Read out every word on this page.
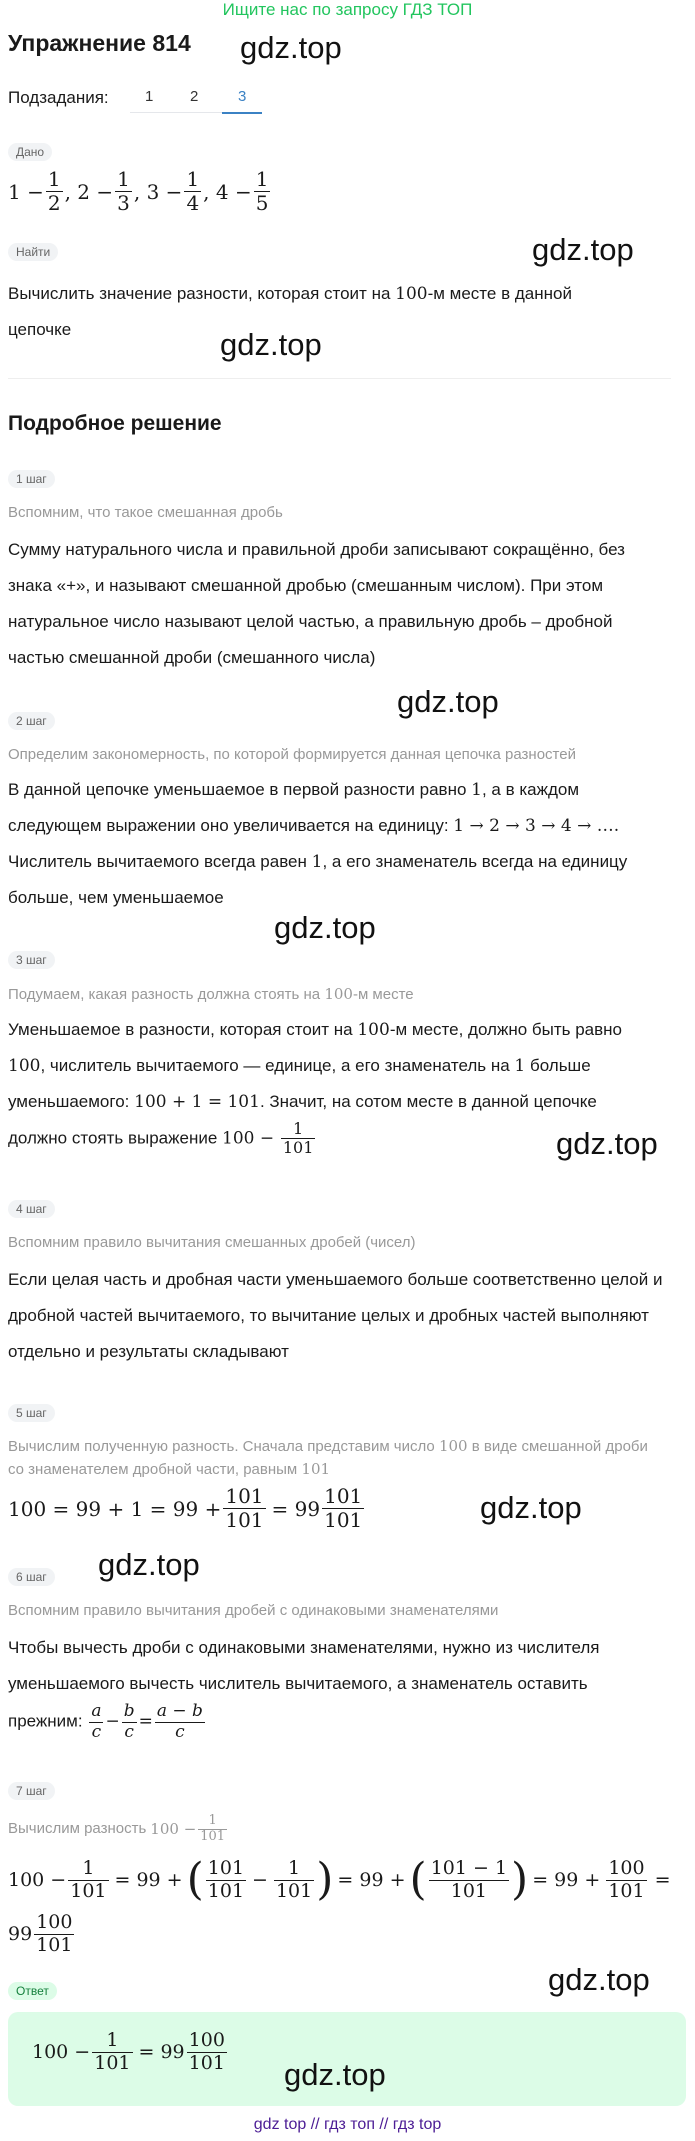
Ищите нас по запросу ГДЗ ТОП
Упражнение 814 gdz.top
Подзадания: 1 2	3
Дано
$1 - \frac{1}{2}$ , $2 - \frac{1}{3}$ , $3 - \frac{1}{4}$ , $4 - \frac{1}{5}$
Найти	gdz.top
Вычислить значение разности, которая стоит на 100-м месте в данной цепочке	gdz.top
Подробное решение
1 шаг
Вспомним, что такое смешанная дробь
Сумму натурального числа и правильной дроби записывают сокращённо, без знака «+», и называют смешанной дробью (смешанным числом). При этом натуральное число называют целой частью, а правильную дробь – дробной частью смешанной дроби (смешанного числа)
gdz.top
2 шаг
Определим закономерность, по которой формируется данная цепочка разностей
В данной цепочке уменьшаемое в первой разности равно 1, а в каждом следующем выражении оно увеличивается на единицу: 1 → 2 → 3 → 4 → …. Числитель вычитаемого всегда равен 1, а его знаменатель всегда на единицу больше, чем уменьшаемое
gdz.top
3 шаг
Подумаем, какая разность должна стоять на 100-м месте
Уменьшаемое в разности, которая стоит на 100-м месте, должно быть равно 100, числитель вычитаемого — единице, а его знаменатель на 1 больше уменьшаемого: 100 + 1 = 101. Значит, на сотом месте в данной цепочке должно стоять выражение $100 - \frac{1}{101}$	gdz.top
4 шаг
Вспомним правило вычитания смешанных дробей (чисел)
Если целая часть и дробная части уменьшаемого больше соответственно целой и дробной частей вычитаемого, то вычитание целых и дробных частей выполняют отдельно и результаты складывают
5 шаг
Вычислим полученную разность. Сначала представим число 100 в виде смешанной дроби со знаменателем дробной части, равным 101
$100 = 99 + 1 = 99 + \frac{101}{101} = 99 \frac{101}{101}$	gdz.top
gdz.top
6 шаг
Вспомним правило вычитания дробей с одинаковыми знаменателями
Чтобы вычесть дроби с одинаковыми знаменателями, нужно из числителя уменьшаемого вычесть числитель вычитаемого, а знаменатель оставить прежним: $\frac{a}{c} - \frac{b}{c} = \frac{a - b}{c}$
7 шаг
Вычислим разность $100 - \frac{1}{101}$
$100 - \frac{1}{101} = 99$ + ( $\frac{101}{101} - \frac{1}{101}$ ) = 99 + ( $\frac{101 - 1}{101}$ ) = $99 + \frac{100}{101}$ =
$99 \frac{100}{101}$
Ответ	gdz.top
$100 - \frac{1}{101} = 99 \frac{100}{101} gdz.top$
gdz top // гдз топ // гдз top
